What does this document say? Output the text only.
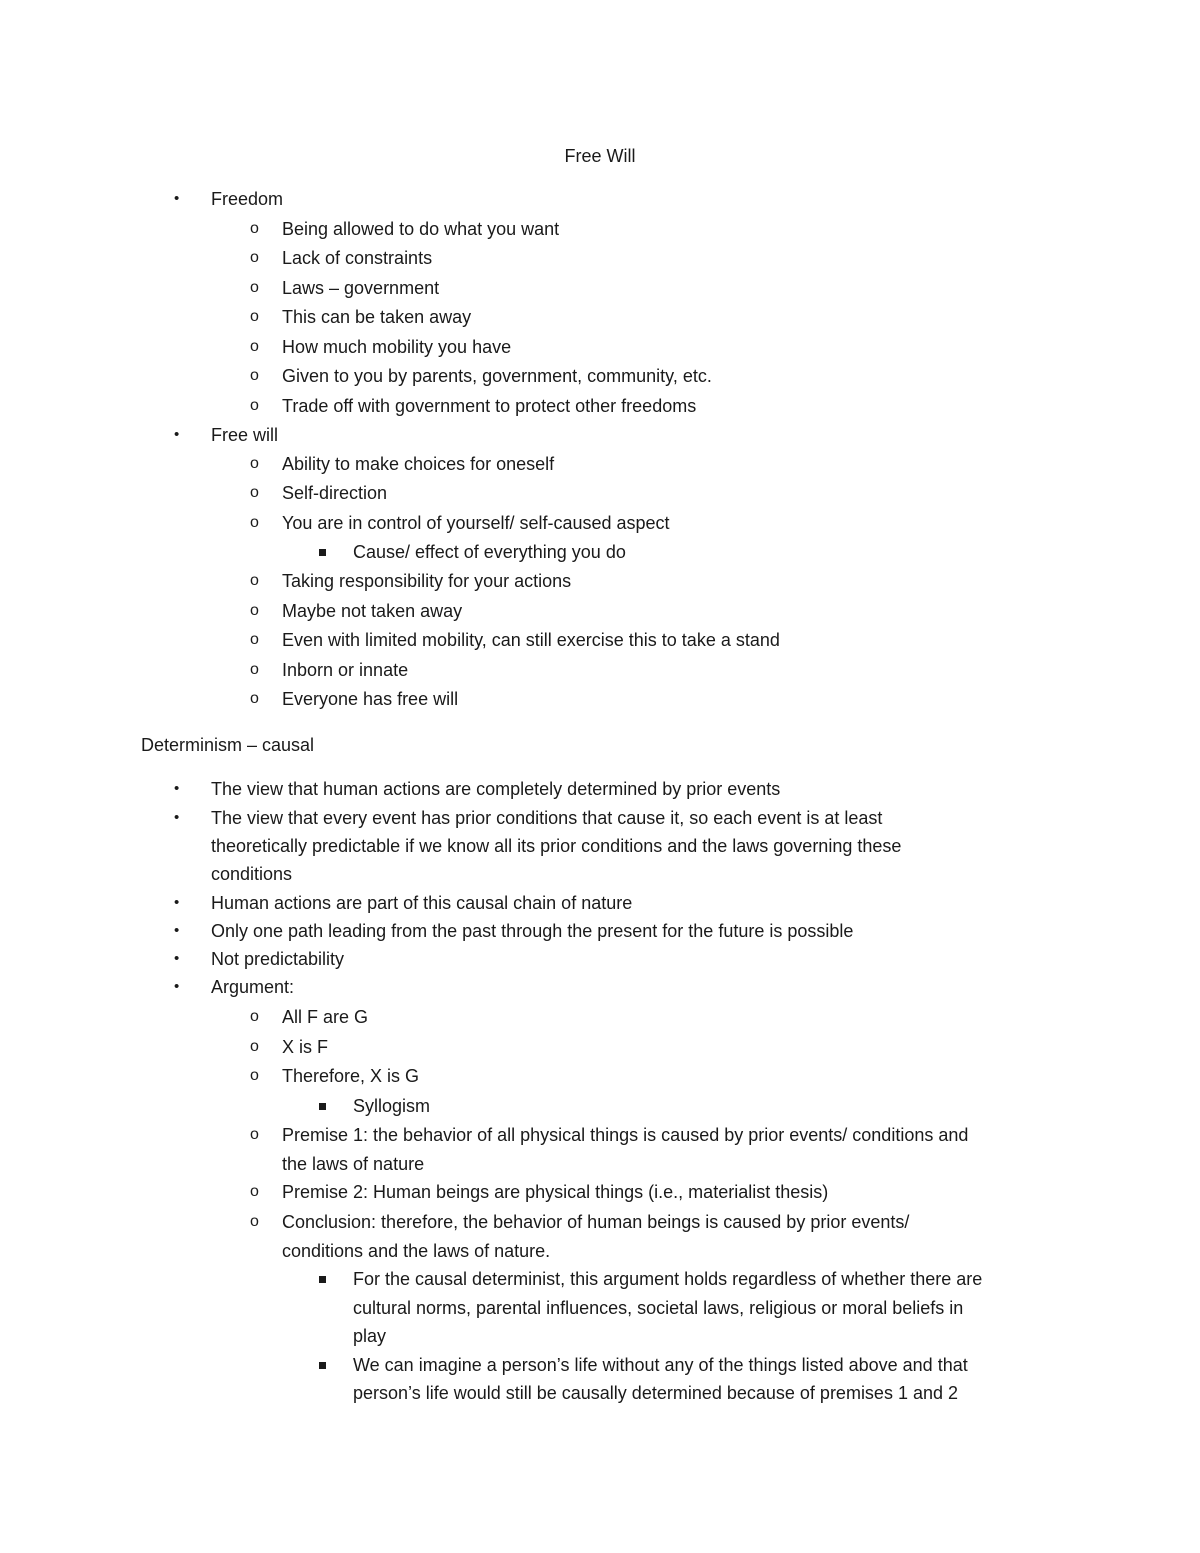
Free Will
• Freedom
o Being allowed to do what you want
o Lack of constraints
o Laws – government
o This can be taken away
o How much mobility you have
o Given to you by parents, government, community, etc.
o Trade off with government to protect other freedoms
• Free will
o Ability to make choices for oneself
o Self-direction
o You are in control of yourself/ self-caused aspect
Cause/ effect of everything you do
o Taking responsibility for your actions
o Maybe not taken away
o Even with limited mobility, can still exercise this to take a stand
o Inborn or innate
o Everyone has free will
Determinism – causal
• The view that human actions are completely determined by prior events
• The view that every event has prior conditions that cause it, so each event is at least
theoretically predictable if we know all its prior conditions and the laws governing these
conditions
• Human actions are part of this causal chain of nature
• Only one path leading from the past through the present for the future is possible
• Not predictability
• Argument:
o All F are G
o X is F
o Therefore, X is G
Syllogism
o Premise 1: the behavior of all physical things is caused by prior events/ conditions and
the laws of nature
o Premise 2: Human beings are physical things (i.e., materialist thesis)
o Conclusion: therefore, the behavior of human beings is caused by prior events/
conditions and the laws of nature.
For the causal determinist, this argument holds regardless of whether there are
cultural norms, parental influences, societal laws, religious or moral beliefs in
play
We can imagine a person’s life without any of the things listed above and that
person’s life would still be causally determined because of premises 1 and 2
